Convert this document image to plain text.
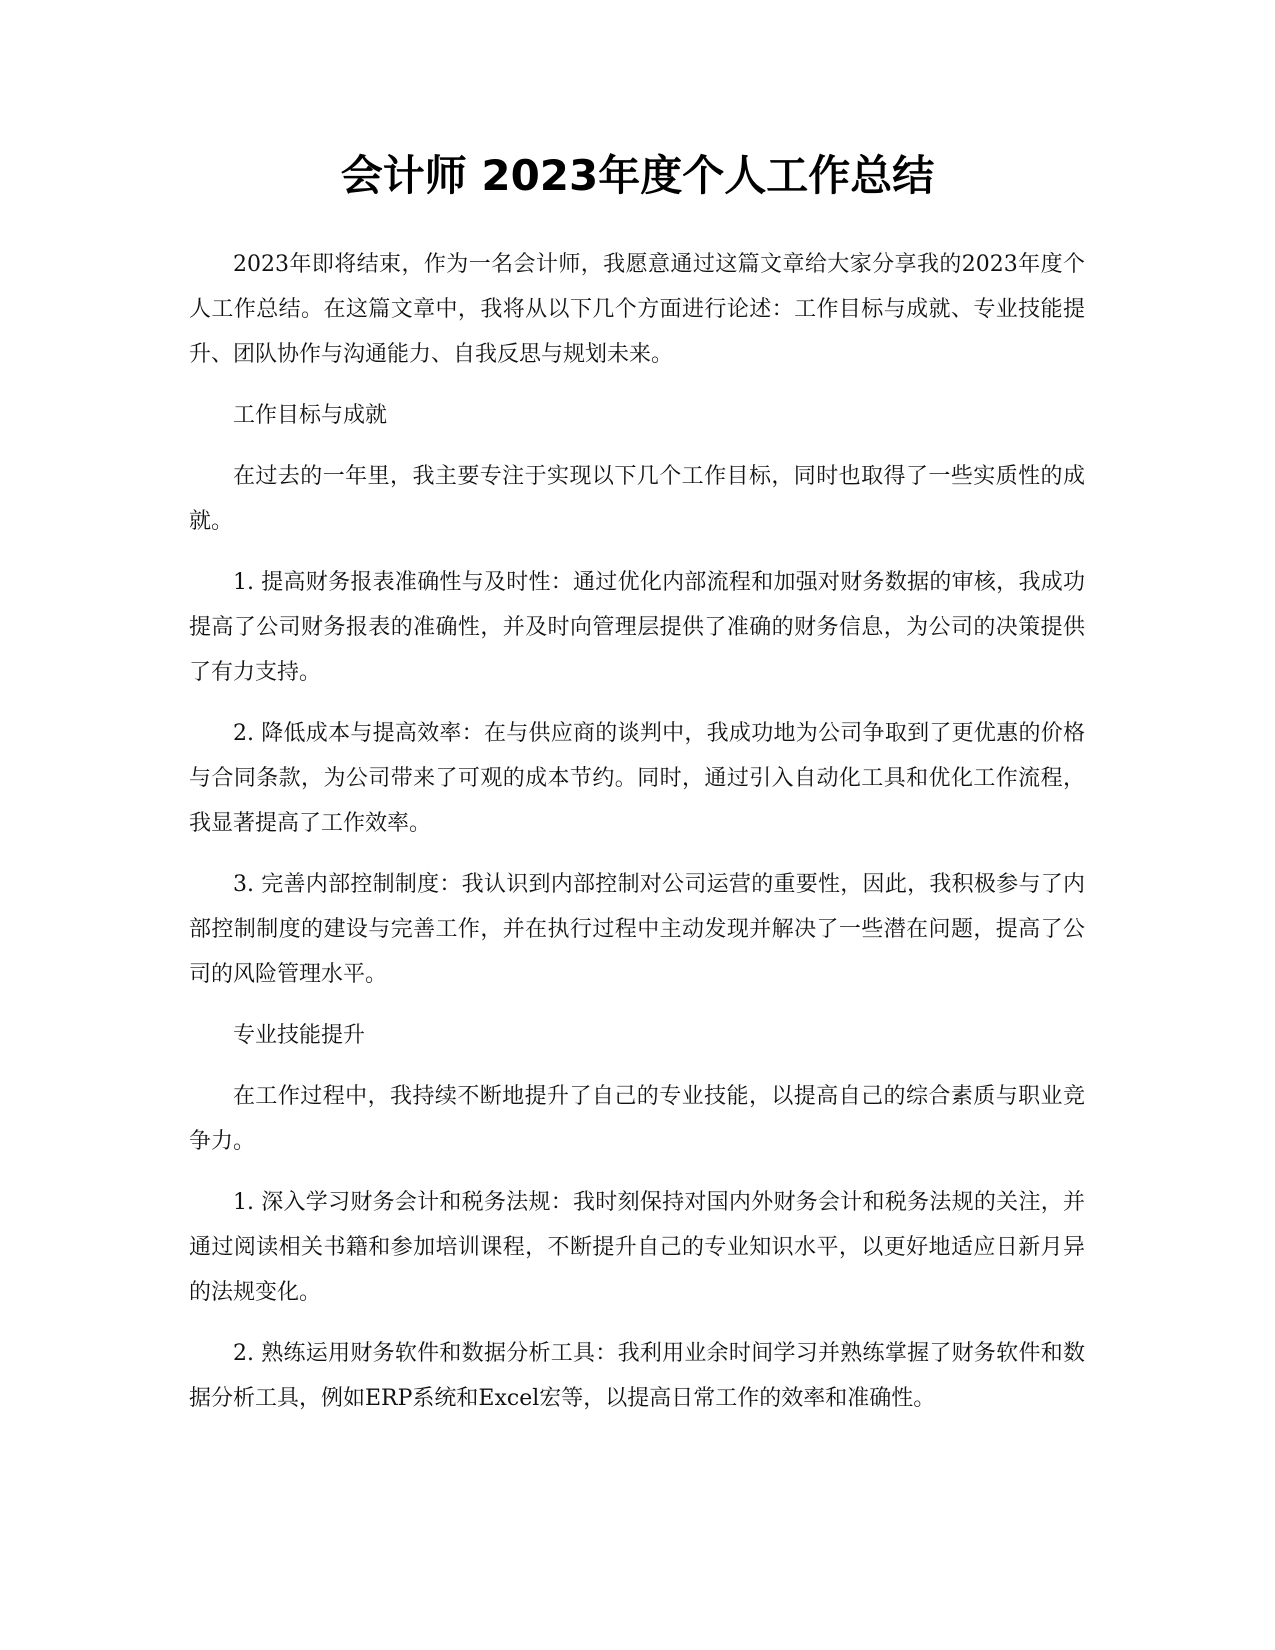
会计师 2023年度个人工作总结

2023年即将结束，作为一名会计师，我愿意通过这篇文章给大家分享我的2023年度个人工作总结。在这篇文章中，我将从以下几个方面进行论述：工作目标与成就、专业技能提升、团队协作与沟通能力、自我反思与规划未来。

工作目标与成就

在过去的一年里，我主要专注于实现以下几个工作目标，同时也取得了一些实质性的成就。

1. 提高财务报表准确性与及时性：通过优化内部流程和加强对财务数据的审核，我成功提高了公司财务报表的准确性，并及时向管理层提供了准确的财务信息，为公司的决策提供了有力支持。

2. 降低成本与提高效率：在与供应商的谈判中，我成功地为公司争取到了更优惠的价格与合同条款，为公司带来了可观的成本节约。同时，通过引入自动化工具和优化工作流程，我显著提高了工作效率。

3. 完善内部控制制度：我认识到内部控制对公司运营的重要性，因此，我积极参与了内部控制制度的建设与完善工作，并在执行过程中主动发现并解决了一些潜在问题，提高了公司的风险管理水平。

专业技能提升

在工作过程中，我持续不断地提升了自己的专业技能，以提高自己的综合素质与职业竞争力。

1. 深入学习财务会计和税务法规：我时刻保持对国内外财务会计和税务法规的关注，并通过阅读相关书籍和参加培训课程，不断提升自己的专业知识水平，以更好地适应日新月异的法规变化。

2. 熟练运用财务软件和数据分析工具：我利用业余时间学习并熟练掌握了财务软件和数据分析工具，例如ERP系统和Excel宏等，以提高日常工作的效率和准确性。
